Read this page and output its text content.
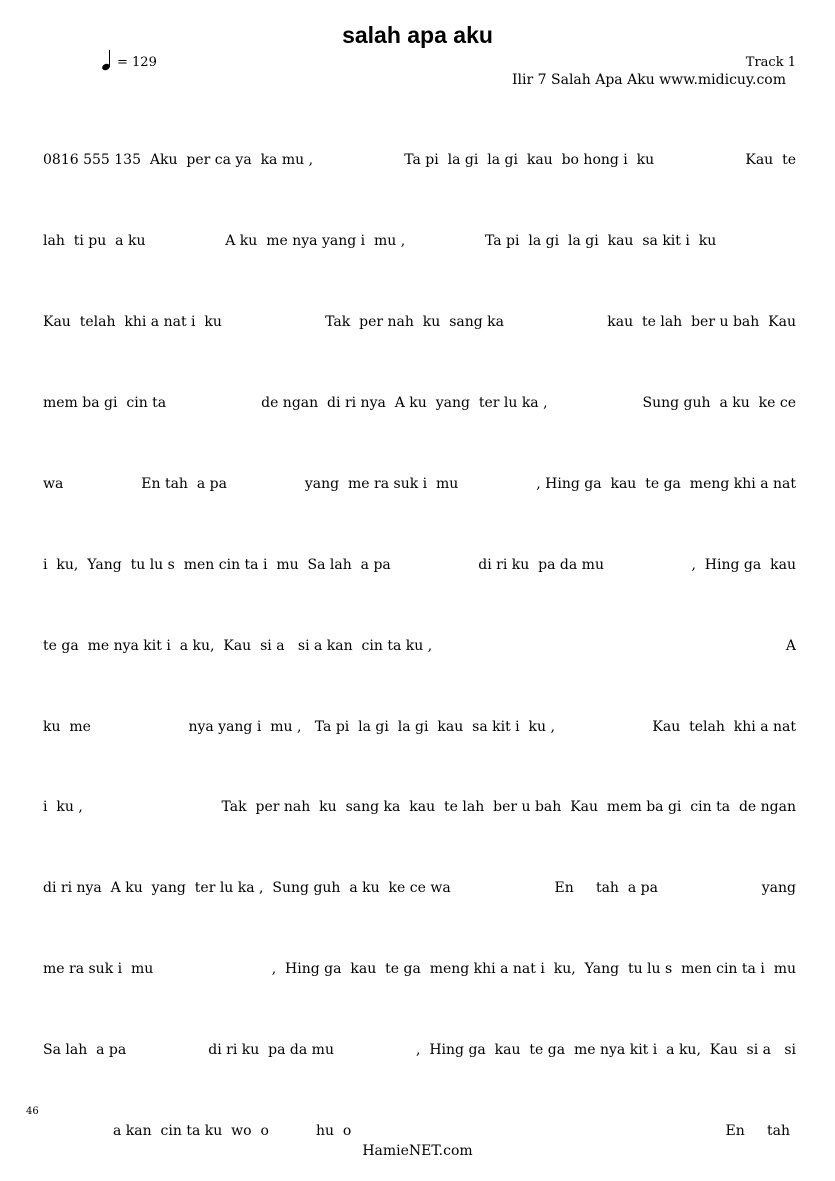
salah apa aku
= 129	Track 1
Ilir 7 Salah Apa Aku www.midicuy.com
0816 555 135  Aku  per ca ya  ka mu ,	Ta pi  la gi  la gi  kau  bo hong i  ku	Kau  te
lah  ti pu  a ku	A ku  me nya yang i  mu ,	Ta pi  la gi  la gi  kau  sa kit i  ku
Kau  telah  khi a nat i  ku	Tak  per nah  ku  sang ka	kau  te lah  ber u bah  Kau
mem ba gi  cin ta	de ngan  di ri nya  A ku  yang  ter lu ka ,	Sung guh  a ku  ke ce
wa	En tah  a pa	yang  me ra suk i  mu	, Hing ga  kau  te ga  meng khi a nat
i  ku,  Yang  tu lu s  men cin ta i  mu  Sa lah  a pa	di ri ku  pa da mu	,  Hing ga  kau
te ga  me nya kit i  a ku,  Kau  si a   si a kan  cin ta ku ,	A
ku  me	nya yang i  mu ,   Ta pi  la gi  la gi  kau  sa kit i  ku ,	Kau  telah  khi a nat
i  ku ,	Tak  per nah  ku  sang ka  kau  te lah  ber u bah  Kau  mem ba gi  cin ta  de ngan
di ri nya  A ku  yang  ter lu ka ,  Sung guh  a ku  ke ce wa	En     tah  a pa	yang
me ra suk i  mu	,  Hing ga  kau  te ga  meng khi a nat i  ku,  Yang  tu lu s  men cin ta i  mu
Sa lah  a pa	di ri ku  pa da mu	,  Hing ga  kau  te ga  me nya kit i  a ku,  Kau  si a   si
a kan  cin ta ku  wo  o	hu  o	En     tah
46
HamieNET.com
